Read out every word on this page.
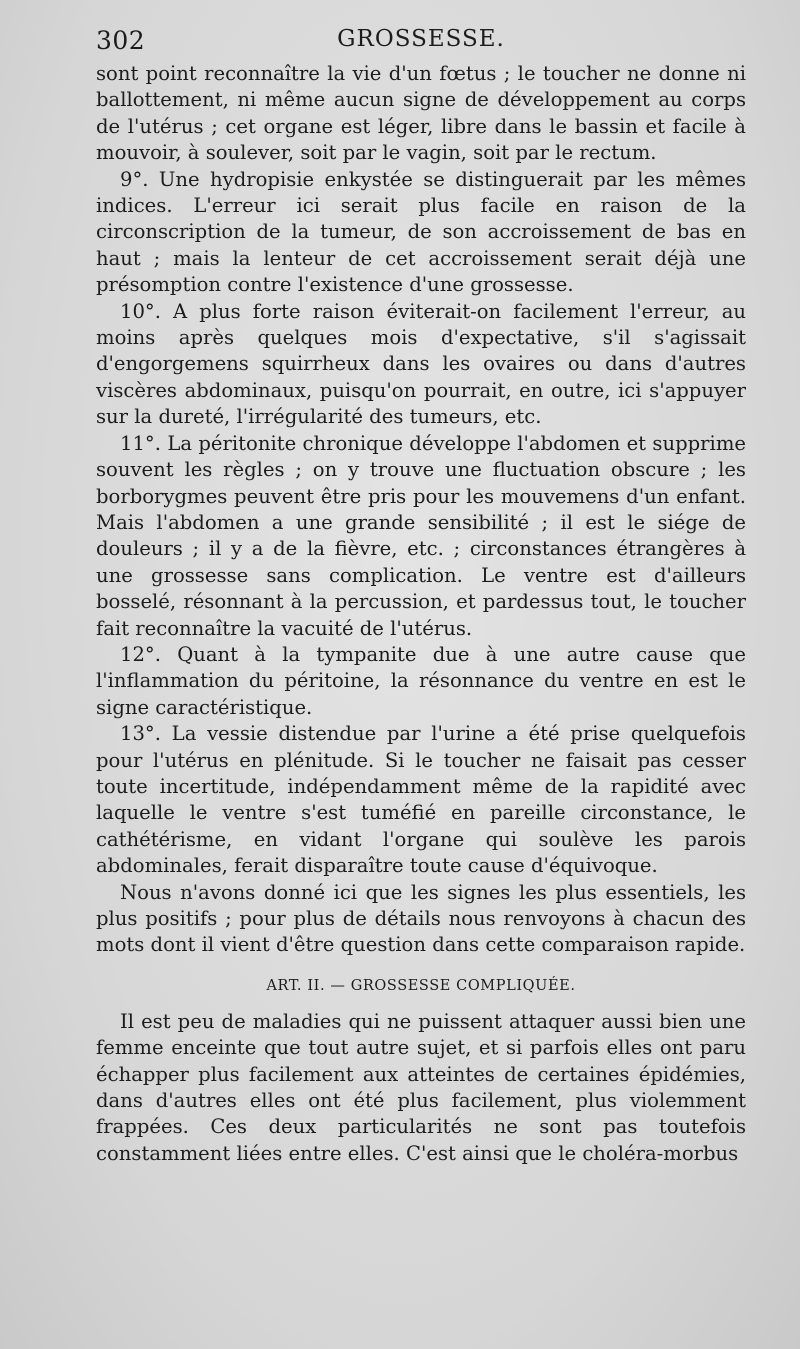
302	GROSSESSE.

sont point reconnaître la vie d'un fœtus ; le toucher ne donne ni ballottement, ni même aucun signe de développement au corps de l'utérus ; cet organe est léger, libre dans le bassin et facile à mouvoir, à soulever, soit par le vagin, soit par le rectum.

9°. Une hydropisie enkystée se distinguerait par les mêmes indices. L'erreur ici serait plus facile en raison de la circonscription de la tumeur, de son accroissement de bas en haut ; mais la lenteur de cet accroissement serait déjà une présomption contre l'existence d'une grossesse.

10°. A plus forte raison éviterait-on facilement l'erreur, au moins après quelques mois d'expectative, s'il s'agissait d'engorgemens squirrheux dans les ovaires ou dans d'autres viscères abdominaux, puisqu'on pourrait, en outre, ici s'appuyer sur la dureté, l'irrégularité des tumeurs, etc.

11°. La péritonite chronique développe l'abdomen et supprime souvent les règles ; on y trouve une fluctuation obscure ; les borborygmes peuvent être pris pour les mouvemens d'un enfant. Mais l'abdomen a une grande sensibilité ; il est le siége de douleurs ; il y a de la fièvre, etc. ; circonstances étrangères à une grossesse sans complication. Le ventre est d'ailleurs bosselé, résonnant à la percussion, et pardessus tout, le toucher fait reconnaître la vacuité de l'utérus.

12°. Quant à la tympanite due à une autre cause que l'inflammation du péritoine, la résonnance du ventre en est le signe caractéristique.

13°. La vessie distendue par l'urine a été prise quelquefois pour l'utérus en plénitude. Si le toucher ne faisait pas cesser toute incertitude, indépendamment même de la rapidité avec laquelle le ventre s'est tuméfié en pareille circonstance, le cathétérisme, en vidant l'organe qui soulève les parois abdominales, ferait disparaître toute cause d'équivoque.

Nous n'avons donné ici que les signes les plus essentiels, les plus positifs ; pour plus de détails nous renvoyons à chacun des mots dont il vient d'être question dans cette comparaison rapide.

ART. II. — GROSSESSE COMPLIQUÉE.

Il est peu de maladies qui ne puissent attaquer aussi bien une femme enceinte que tout autre sujet, et si parfois elles ont paru échapper plus facilement aux atteintes de certaines épidémies, dans d'autres elles ont été plus facilement, plus violemment frappées. Ces deux particularités ne sont pas toutefois constamment liées entre elles. C'est ainsi que le choléra-morbus
